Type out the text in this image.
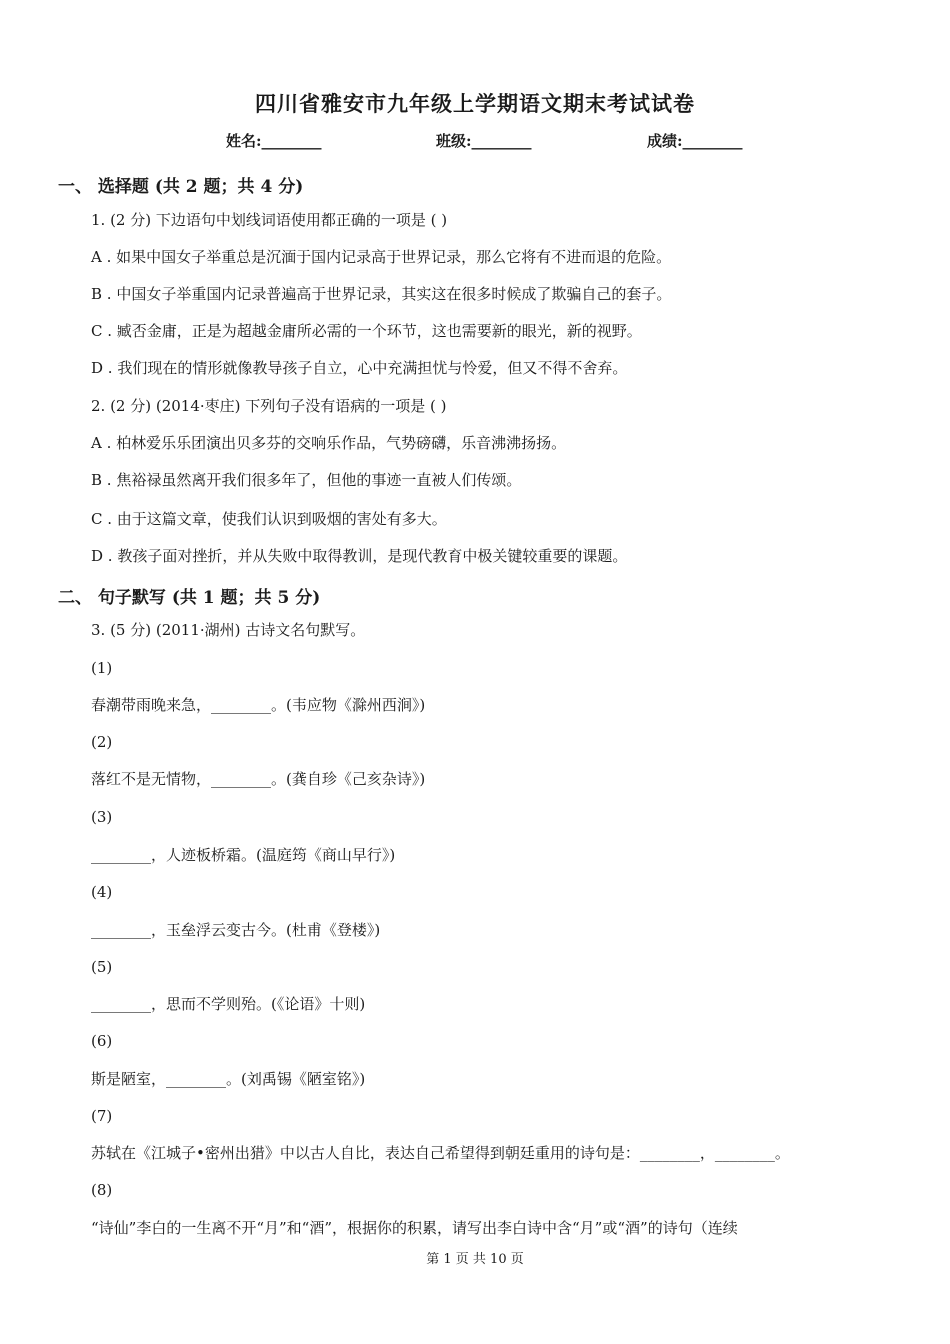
四川省雅安市九年级上学期语文期末考试试卷
姓名:________	班级:________	成绩:________
一、 选择题 (共 2 题；共 4 分)
1. (2 分) 下边语句中划线词语使用都正确的一项是 ( )
A . 如果中国女子举重总是沉湎于国内记录高于世界记录，那么它将有不进而退的危险。
B . 中国女子举重国内记录普遍高于世界记录，其实这在很多时候成了欺骗自己的套子。
C . 臧否金庸，正是为超越金庸所必需的一个环节，这也需要新的眼光，新的视野。
D . 我们现在的情形就像教导孩子自立，心中充满担忧与怜爱，但又不得不舍弃。
2. (2 分) (2014·枣庄) 下列句子没有语病的一项是 ( )
A . 柏林爱乐乐团演出贝多芬的交响乐作品，气势磅礴，乐音沸沸扬扬。
B . 焦裕禄虽然离开我们很多年了，但他的事迹一直被人们传颂。
C . 由于这篇文章，使我们认识到吸烟的害处有多大。
D . 教孩子面对挫折，并从失败中取得教训，是现代教育中极关键较重要的课题。
二、 句子默写 (共 1 题；共 5 分)
3. (5 分) (2011·湖州) 古诗文名句默写。
(1)
春潮带雨晚来急，________。(韦应物《滁州西涧》)
(2)
落红不是无情物，________。(龚自珍《己亥杂诗》)
(3)
________，人迹板桥霜。(温庭筠《商山早行》)
(4)
________，玉垒浮云变古今。(杜甫《登楼》)
(5)
________，思而不学则殆。(《论语》十则)
(6)
斯是陋室，________。(刘禹锡《陋室铭》)
(7)
苏轼在《江城子•密州出猎》中以古人自比，表达自己希望得到朝廷重用的诗句是：________，________。
(8)
“诗仙”李白的一生离不开“月”和“酒”，根据你的积累，请写出李白诗中含“月”或“酒”的诗句（连续
第 1 页 共 10 页
